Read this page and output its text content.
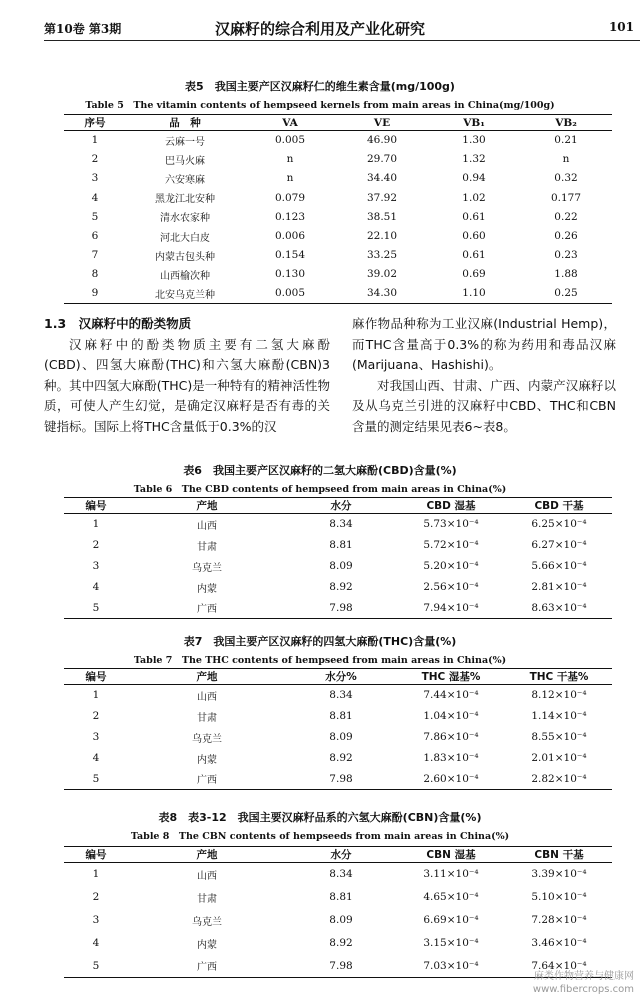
第10卷 第3期	汉麻籽的综合利用及产业化研究	101
表5　我国主要产区汉麻籽仁的维生素含量(mg/100g)
Table 5　The vitamin contents of hempseed kernels from main areas in China(mg/100g)
序号	品　种	VA	VE	VB₁	VB₂
1	云麻一号	0.005	46.90	1.30	0.21
2	巴马火麻	n	29.70	1.32	n
3	六安寒麻	n	34.40	0.94	0.32
4	黑龙江北安种	0.079	37.92	1.02	0.177
5	清水农家种	0.123	38.51	0.61	0.22
6	河北大白皮	0.006	22.10	0.60	0.26
7	内蒙古包头种	0.154	33.25	0.61	0.23
8	山西榆次种	0.130	39.02	0.69	1.88
9	北安乌克兰种	0.005	34.30	1.10	0.25

1.3　汉麻籽中的酚类物质

汉麻籽中的酚类物质主要有二氢大麻酚(CBD)、四氢大麻酚(THC)和六氢大麻酚(CBN)3种。其中四氢大麻酚(THC)是一种特有的精神活性物质，可使人产生幻觉，是确定汉麻籽是否有毒的关键指标。国际上将THC含量低于0.3%的汉

麻作物品种称为工业汉麻(Industrial Hemp)，而THC含量高于0.3%的称为药用和毒品汉麻(Marijuana、Hashishi)。

对我国山西、甘肃、广西、内蒙产汉麻籽以及从乌克兰引进的汉麻籽中CBD、THC和CBN含量的测定结果见表6~表8。

表6　我国主要产区汉麻籽的二氢大麻酚(CBD)含量(%)
Table 6　The CBD contents of hempseed from main areas in China(%)
编号	产地	水分	CBD 湿基	CBD 干基
1	山西	8.34	5.73×10⁻⁴	6.25×10⁻⁴
2	甘肃	8.81	5.72×10⁻⁴	6.27×10⁻⁴
3	乌克兰	8.09	5.20×10⁻⁴	5.66×10⁻⁴
4	内蒙	8.92	2.56×10⁻⁴	2.81×10⁻⁴
5	广西	7.98	7.94×10⁻⁴	8.63×10⁻⁴
表7　我国主要产区汉麻籽的四氢大麻酚(THC)含量(%)
Table 7　The THC contents of hempseed from main areas in China(%)
编号	产地	水分%	THC 湿基%	THC 干基%
1	山西	8.34	7.44×10⁻⁴	8.12×10⁻⁴
2	甘肃	8.81	1.04×10⁻⁴	1.14×10⁻⁴
3	乌克兰	8.09	7.86×10⁻⁴	8.55×10⁻⁴
4	内蒙	8.92	1.83×10⁻⁴	2.01×10⁻⁴
5	广西	7.98	2.60×10⁻⁴	2.82×10⁻⁴
表8　表3-12　我国主要汉麻籽品系的六氢大麻酚(CBN)含量(%)
Table 8　The CBN contents of hempseeds from main areas in China(%)
编号	产地	水分	CBN 湿基	CBN 干基
1	山西	8.34	3.11×10⁻⁴	3.39×10⁻⁴
2	甘肃	8.81	4.65×10⁻⁴	5.10×10⁻⁴
3	乌克兰	8.09	6.69×10⁻⁴	7.28×10⁻⁴
4	内蒙	8.92	3.15×10⁻⁴	3.46×10⁻⁴
5	广西	7.98	7.03×10⁻⁴	7.64×10⁻⁴
麻类作物营养与健康网
www.fibercrops.com
